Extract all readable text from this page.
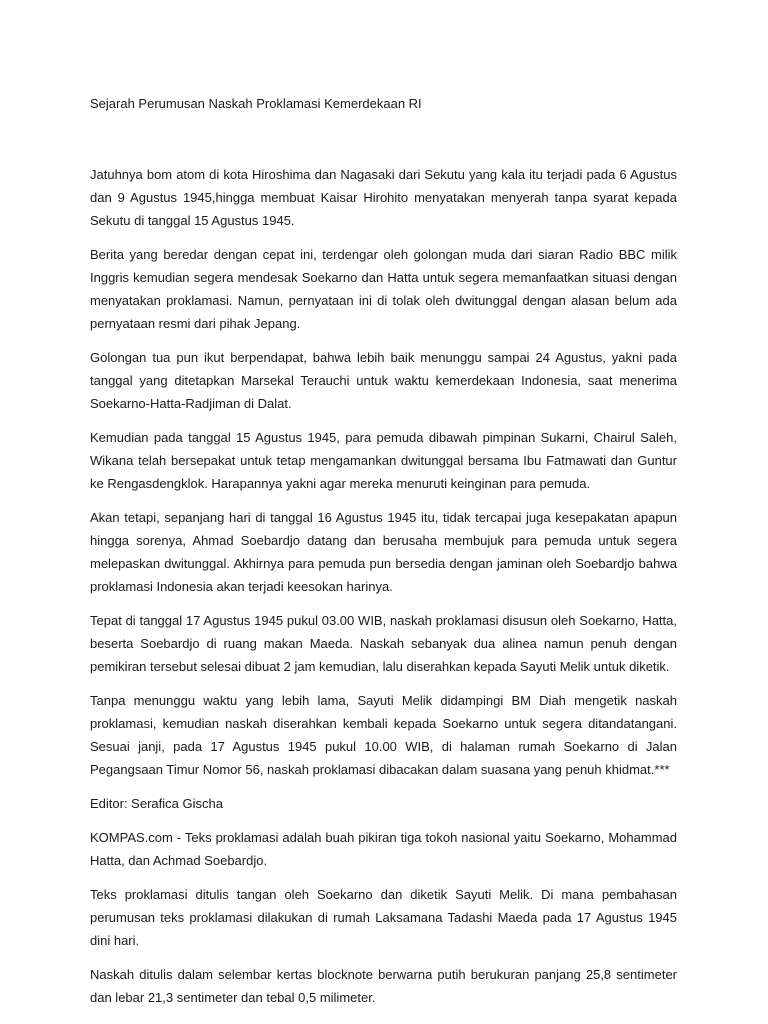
Sejarah Perumusan Naskah Proklamasi Kemerdekaan RI

Jatuhnya bom atom di kota Hiroshima dan Nagasaki dari Sekutu yang kala itu terjadi pada 6 Agustus dan 9 Agustus 1945,hingga membuat Kaisar Hirohito menyatakan menyerah tanpa syarat kepada Sekutu di tanggal 15 Agustus 1945.

Berita yang beredar dengan cepat ini, terdengar oleh golongan muda dari siaran Radio BBC milik Inggris kemudian segera mendesak Soekarno dan Hatta untuk segera memanfaatkan situasi dengan menyatakan proklamasi. Namun, pernyataan ini di tolak oleh dwitunggal dengan alasan belum ada pernyataan resmi dari pihak Jepang.

Golongan tua pun ikut berpendapat, bahwa lebih baik menunggu sampai 24 Agustus, yakni pada tanggal yang ditetapkan Marsekal Terauchi untuk waktu kemerdekaan Indonesia, saat menerima Soekarno-Hatta-Radjiman di Dalat.

Kemudian pada tanggal 15 Agustus 1945, para pemuda dibawah pimpinan Sukarni, Chairul Saleh, Wikana telah bersepakat untuk tetap mengamankan dwitunggal bersama Ibu Fatmawati dan Guntur ke Rengasdengklok. Harapannya yakni agar mereka menuruti keinginan para pemuda.

Akan tetapi, sepanjang hari di tanggal 16 Agustus 1945 itu, tidak tercapai juga kesepakatan apapun hingga sorenya, Ahmad Soebardjo datang dan berusaha membujuk para pemuda untuk segera melepaskan dwitunggal. Akhirnya para pemuda pun bersedia dengan jaminan oleh Soebardjo bahwa proklamasi Indonesia akan terjadi keesokan harinya.

Tepat di tanggal 17 Agustus 1945 pukul 03.00 WIB, naskah proklamasi disusun oleh Soekarno, Hatta, beserta Soebardjo di ruang makan Maeda. Naskah sebanyak dua alinea namun penuh dengan pemikiran tersebut selesai dibuat 2 jam kemudian, lalu diserahkan kepada Sayuti Melik untuk diketik.

Tanpa menunggu waktu yang lebih lama, Sayuti Melik didampingi BM Diah mengetik naskah proklamasi, kemudian naskah diserahkan kembali kepada Soekarno untuk segera ditandatangani. Sesuai janji, pada 17 Agustus 1945 pukul 10.00 WIB, di halaman rumah Soekarno di Jalan Pegangsaan Timur Nomor 56, naskah proklamasi dibacakan dalam suasana yang penuh khidmat.***

Editor: Serafica Gischa

KOMPAS.com - Teks proklamasi adalah buah pikiran tiga tokoh nasional yaitu Soekarno, Mohammad Hatta, dan Achmad Soebardjo.

Teks proklamasi ditulis tangan oleh Soekarno dan diketik Sayuti Melik. Di mana pembahasan perumusan teks proklamasi dilakukan di rumah Laksamana Tadashi Maeda pada 17 Agustus 1945 dini hari.

Naskah ditulis dalam selembar kertas blocknote berwarna putih berukuran panjang 25,8 sentimeter dan lebar 21,3 sentimeter dan tebal 0,5 milimeter.
